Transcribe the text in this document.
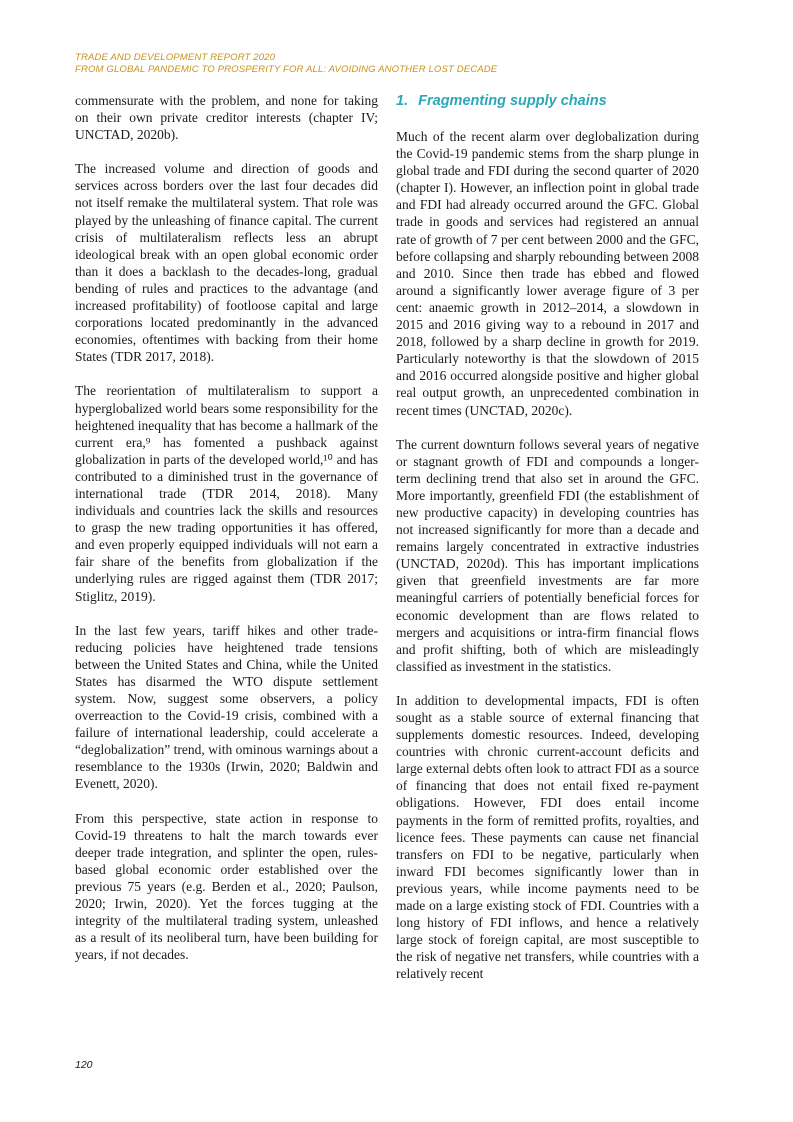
TRADE AND DEVELOPMENT REPORT 2020
FROM GLOBAL PANDEMIC TO PROSPERITY FOR ALL: AVOIDING ANOTHER LOST DECADE

commensurate with the problem, and none for taking on their own private creditor interests (chapter IV; UNCTAD, 2020b).

The increased volume and direction of goods and services across borders over the last four decades did not itself remake the multilateral system. That role was played by the unleashing of finance capital. The current crisis of multilateralism reflects less an abrupt ideological break with an open global economic order than it does a backlash to the decades-long, gradual bending of rules and practices to the advantage (and increased profitability) of footloose capital and large corporations located predominantly in the advanced economies, oftentimes with backing from their home States (TDR 2017, 2018).

The reorientation of multilateralism to support a hyperglobalized world bears some responsibility for the heightened inequality that has become a hallmark of the current era,⁹ has fomented a pushback against globalization in parts of the developed world,¹⁰ and has contributed to a diminished trust in the governance of international trade (TDR 2014, 2018). Many individuals and countries lack the skills and resources to grasp the new trading opportunities it has offered, and even properly equipped individuals will not earn a fair share of the benefits from globalization if the underlying rules are rigged against them (TDR 2017; Stiglitz, 2019).

In the last few years, tariff hikes and other trade-reducing policies have heightened trade tensions between the United States and China, while the United States has disarmed the WTO dispute settlement system. Now, suggest some observers, a policy overreaction to the Covid-19 crisis, combined with a failure of international leadership, could accelerate a “deglobalization” trend, with ominous warnings about a resemblance to the 1930s (Irwin, 2020; Baldwin and Evenett, 2020).

From this perspective, state action in response to Covid-19 threatens to halt the march towards ever deeper trade integration, and splinter the open, rules-based global economic order established over the previous 75 years (e.g. Berden et al., 2020; Paulson, 2020; Irwin, 2020). Yet the forces tugging at the integrity of the multilateral trading system, unleashed as a result of its neoliberal turn, have been building for years, if not decades.

1. Fragmenting supply chains

Much of the recent alarm over deglobalization during the Covid-19 pandemic stems from the sharp plunge in global trade and FDI during the second quarter of 2020 (chapter I). However, an inflection point in global trade and FDI had already occurred around the GFC. Global trade in goods and services had registered an annual rate of growth of 7 per cent between 2000 and the GFC, before collapsing and sharply rebounding between 2008 and 2010. Since then trade has ebbed and flowed around a significantly lower average figure of 3 per cent: anaemic growth in 2012–2014, a slowdown in 2015 and 2016 giving way to a rebound in 2017 and 2018, followed by a sharp decline in growth for 2019. Particularly noteworthy is that the slowdown of 2015 and 2016 occurred alongside positive and higher global real output growth, an unprecedented combination in recent times (UNCTAD, 2020c).

The current downturn follows several years of negative or stagnant growth of FDI and compounds a longer-term declining trend that also set in around the GFC. More importantly, greenfield FDI (the establishment of new productive capacity) in developing countries has not increased significantly for more than a decade and remains largely concentrated in extractive industries (UNCTAD, 2020d). This has important implications given that greenfield investments are far more meaningful carriers of potentially beneficial forces for economic development than are flows related to mergers and acquisitions or intra-firm financial flows and profit shifting, both of which are misleadingly classified as investment in the statistics.

In addition to developmental impacts, FDI is often sought as a stable source of external financing that supplements domestic resources. Indeed, developing countries with chronic current-account deficits and large external debts often look to attract FDI as a source of financing that does not entail fixed re-payment obligations. However, FDI does entail income payments in the form of remitted profits, royalties, and licence fees. These payments can cause net financial transfers on FDI to be negative, particularly when inward FDI becomes significantly lower than in previous years, while income payments need to be made on a large existing stock of FDI. Countries with a long history of FDI inflows, and hence a relatively large stock of foreign capital, are most susceptible to the risk of negative net transfers, while countries with a relatively recent

120
